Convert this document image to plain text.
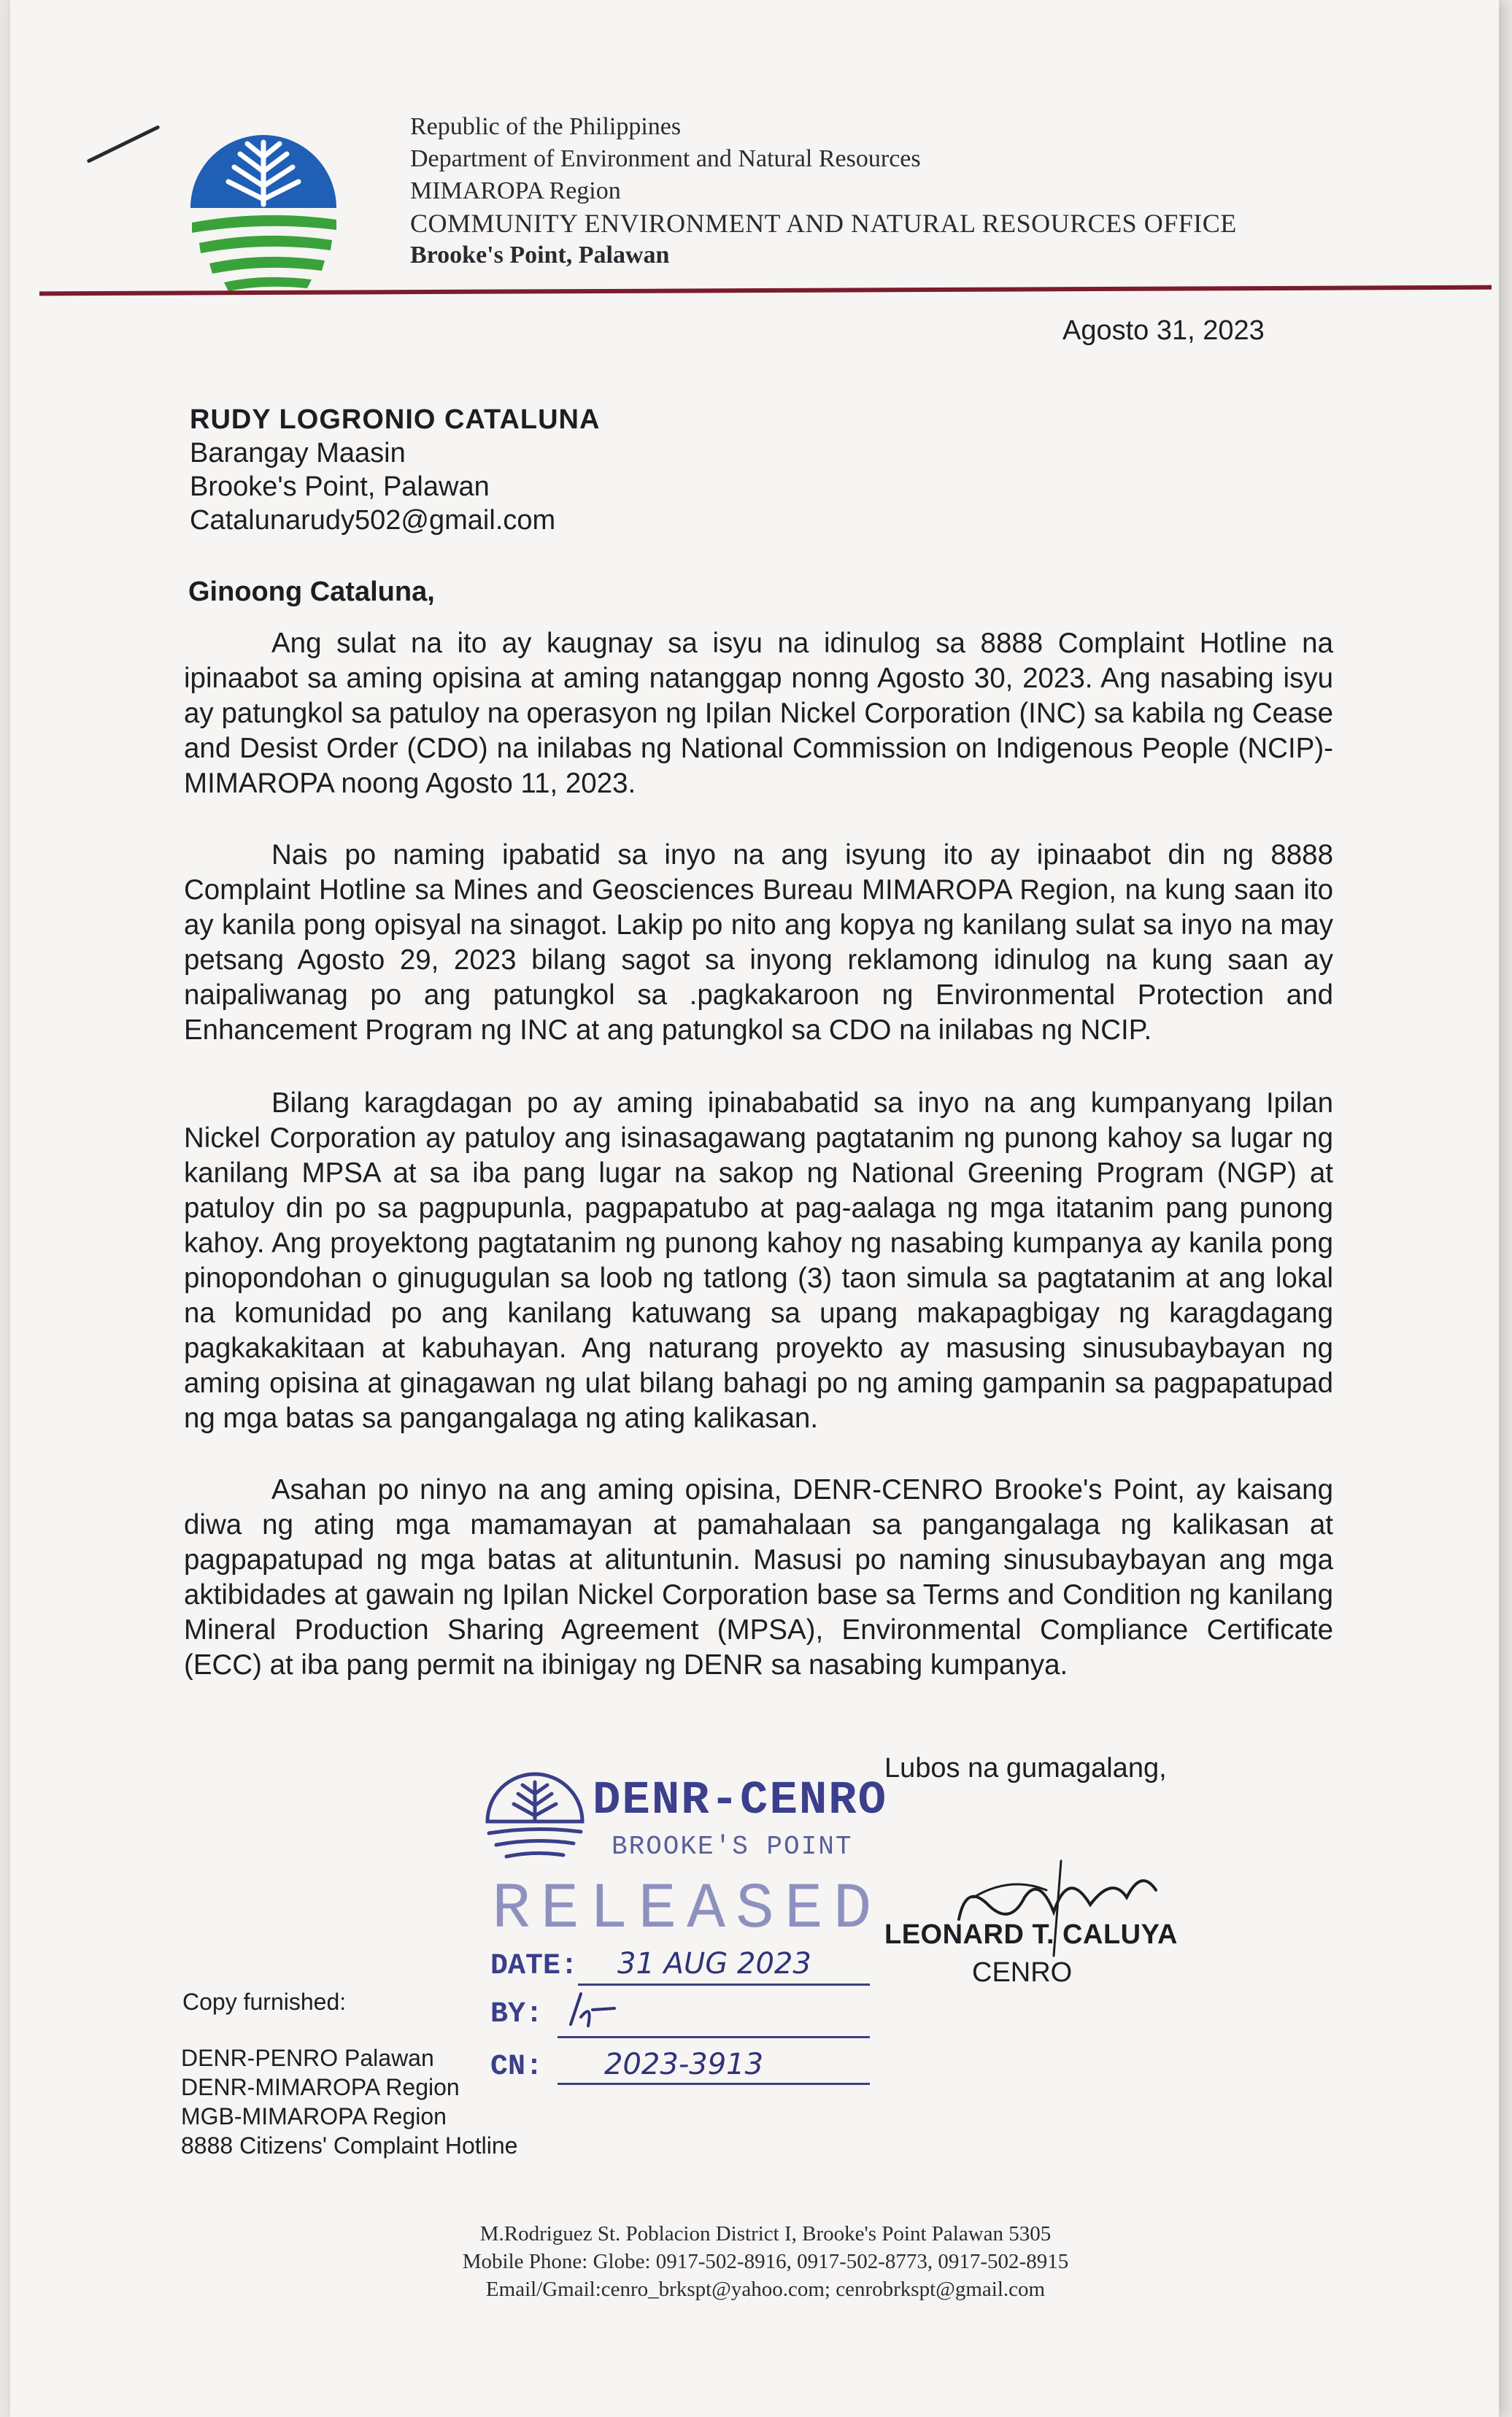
Republic of the Philippines
Department of Environment and Natural Resources
MIMAROPA Region
COMMUNITY ENVIRONMENT AND NATURAL RESOURCES OFFICE
Brooke's Point, Palawan
Agosto 31, 2023
RUDY LOGRONIO CATALUNA
Barangay Maasin
Brooke's Point, Palawan
Catalunarudy502@gmail.com
Ginoong Cataluna,

Ang sulat na ito ay kaugnay sa isyu na idinulog sa 8888 Complaint Hotline na ipinaabot sa aming opisina at aming natanggap nonng Agosto 30, 2023. Ang nasabing isyu ay patungkol sa patuloy na operasyon ng Ipilan Nickel Corporation (INC) sa kabila ng Cease and Desist Order (CDO) na inilabas ng National Commission on Indigenous People (NCIP)-MIMAROPA noong Agosto 11, 2023.

Nais po naming ipabatid sa inyo na ang isyung ito ay ipinaabot din ng 8888 Complaint Hotline sa Mines and Geosciences Bureau MIMAROPA Region, na kung saan ito ay kanila pong opisyal na sinagot. Lakip po nito ang kopya ng kanilang sulat sa inyo na may petsang Agosto 29, 2023 bilang sagot sa inyong reklamong idinulog na kung saan ay naipaliwanag po ang patungkol sa .pagkakaroon ng Environmental Protection and Enhancement Program ng INC at ang patungkol sa CDO na inilabas ng NCIP.

Bilang karagdagan po ay aming ipinababatid sa inyo na ang kumpanyang Ipilan Nickel Corporation ay patuloy ang isinasagawang pagtatanim ng punong kahoy sa lugar ng kanilang MPSA at sa iba pang lugar na sakop ng National Greening Program (NGP) at patuloy din po sa pagpupunla, pagpapatubo at pag-aalaga ng mga itatanim pang punong kahoy. Ang proyektong pagtatanim ng punong kahoy ng nasabing kumpanya ay kanila pong pinopondohan o ginugugulan sa loob ng tatlong (3) taon simula sa pagtatanim at ang lokal na komunidad po ang kanilang katuwang sa upang makapagbigay ng karagdagang pagkakakitaan at kabuhayan. Ang naturang proyekto ay masusing sinusubaybayan ng aming opisina at ginagawan ng ulat bilang bahagi po ng aming gampanin sa pagpapatupad ng mga batas sa pangangalaga ng ating kalikasan.

Asahan po ninyo na ang aming opisina, DENR-CENRO Brooke's Point, ay kaisang diwa ng ating mga mamamayan at pamahalaan sa pangangalaga ng kalikasan at pagpapatupad ng mga batas at alituntunin. Masusi po naming sinusubaybayan ang mga aktibidades at gawain ng Ipilan Nickel Corporation base sa Terms and Condition ng kanilang Mineral Production Sharing Agreement (MPSA), Environmental Compliance Certificate (ECC) at iba pang permit na ibinigay ng DENR sa nasabing kumpanya.

Lubos na gumagalang,
DENR-CENRO
BROOKE'S POINT
RELEASED
DATE: 31 AUG 2023
BY:
CN: 2023-3913
LEONARD T. CALUYA
CENRO
Copy furnished:
DENR-PENRO Palawan
DENR-MIMAROPA Region
MGB-MIMAROPA Region
8888 Citizens' Complaint Hotline
M.Rodriguez St. Poblacion District I, Brooke's Point Palawan 5305
Mobile Phone: Globe: 0917-502-8916, 0917-502-8773, 0917-502-8915
Email/Gmail:cenro_brkspt@yahoo.com; cenrobrkspt@gmail.com
